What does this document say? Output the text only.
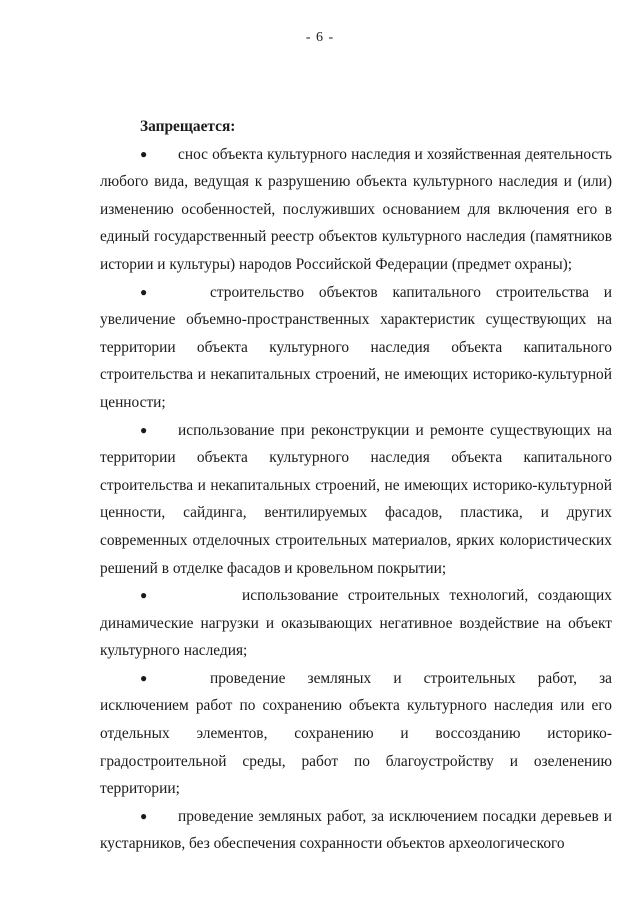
- 6 -

Запрещается:

● снос объекта культурного наследия и хозяйственная деятельность любого вида, ведущая к разрушению объекта культурного наследия и (или) изменению особенностей, послуживших основанием для включения его в единый государственный реестр объектов культурного наследия (памятников истории и культуры) народов Российской Федерации (предмет охраны);

●	строительство объектов капитального строительства и увеличение объемно-пространственных характеристик существующих на территории объекта культурного наследия объекта капитального строительства и некапитальных строений, не имеющих историко-культурной ценности;

● использование при реконструкции и ремонте существующих на территории объекта культурного наследия объекта капитального строительства и некапитальных строений, не имеющих историко-культурной ценности, сайдинга, вентилируемых фасадов, пластика, и других современных отделочных строительных материалов, ярких колористических решений в отделке фасадов и кровельном покрытии;

●	использование строительных технологий, создающих динамические нагрузки и оказывающих негативное воздействие на объект культурного наследия;

●	проведение земляных и строительных работ, за исключением работ по сохранению объекта культурного наследия или его отдельных элементов, сохранению и воссозданию историко-градостроительной среды, работ по благоустройству и озеленению территории;

● проведение земляных работ, за исключением посадки деревьев и кустарников, без обеспечения сохранности объектов археологического
